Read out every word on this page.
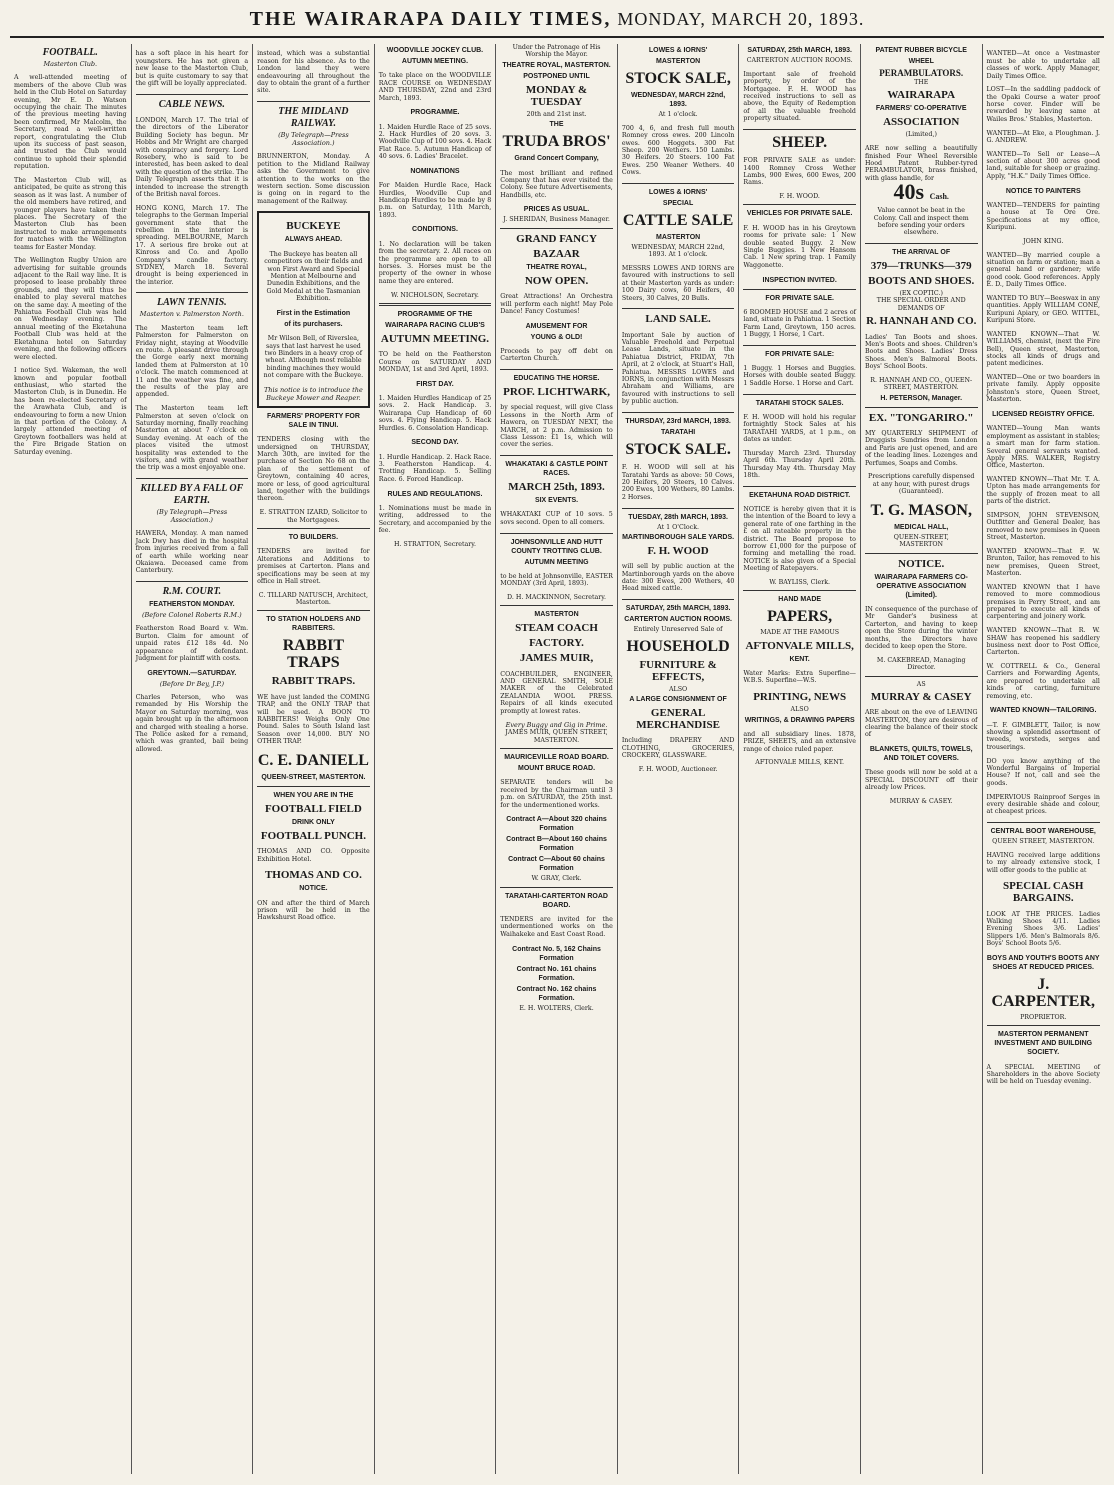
THE WAIRARAPA DAILY TIMES, MONDAY, MARCH 20, 1893.
FOOTBALL.
Masterton Club.

A well-attended meeting of members of the above Club was held in the Club Hotel on Saturday evening, Mr E. D. Watson occupying the chair. The minutes of the previous meeting having been confirmed, Mr Malcolm, the Secretary, read a well-written report, congratulating the Club upon its success of past season, and trusted the Club would continue to uphold their splendid reputation.

The Masterton Club will, as anticipated, be quite as strong this season as it was last. A number of the old members have retired, and younger players have taken their places. The Secretary of the Masterton Club has been instructed to make arrangements for matches with the Wellington teams for Easter Monday.

The Wellington Rugby Union are advertising for suitable grounds adjacent to the Rail way line. It is proposed to lease probably three grounds, and they will thus be enabled to play several matches on the same day. A meeting of the Pahiatua Football Club was held on Wednesday evening. The annual meeting of the Eketahuna Football Club was held at the Eketahuna hotel on Saturday evening, and the following officers were elected.

I notice Syd. Wakeman, the well known and popular football enthusiast, who started the Masterton Club, is in Dunedin. He has been re-elected Secretary of the Arawhata Club, and is endeavouring to form a new Union in that portion of the Colony. A largely attended meeting of Greytown footballers was held at the Fire Brigade Station on Saturday evening.

has a soft place in his heart for youngsters. He has not given a new lease to the Masterton Club, but is quite customary to say that the gift will be loyally appreciated.

CABLE NEWS.

LONDON, March 17. The trial of the directors of the Liberator Building Society has begun. Mr Hobbs and Mr Wright are charged with conspiracy and forgery. Lord Rosebery, who is said to be interested, has been asked to deal with the question of the strike. The Daily Telegraph asserts that it is intended to increase the strength of the British naval forces.

HONG KONG, March 17. The telegraphs to the German Imperial government state that the rebellion in the interior is spreading. MELBOURNE, March 17. A serious fire broke out at Kinross and Co. and Apollo Company's candle factory. SYDNEY, March 18. Several drought is being experienced in the interior.

LAWN TENNIS.
Masterton v. Palmerston North.

The Masterton team left Palmerston for Palmerston on Friday night, staying at Woodville en route. A pleasant drive through the Gorge early next morning landed them at Palmerston at 10 o'clock. The match commenced at 11 and the weather was fine, and the results of the play are appended.

The Masterton team left Palmerston at seven o'clock on Saturday morning, finally reaching Masterton at about 7 o'clock on Sunday evening. At each of the places visited the utmost hospitality was extended to the visitors, and with grand weather the trip was a most enjoyable one.

KILLED BY A FALL OF EARTH.
(By Telegraph—Press Association.)

HAWERA, Monday. A man named Jack Dwy has died in the hospital from injuries received from a fall of earth while working near Okaiawa. Deceased came from Canterbury.

R.M. COURT.
FEATHERSTON MONDAY.
(Before Colonel Roberts R.M.)

Featherston Road Board v. Wm. Burton. Claim for amount of unpaid rates £12 18s 4d. No appearance of defendant. Judgment for plaintiff with costs.

GREYTOWN.—SATURDAY.
(Before Dr Bey, J.P.)

Charles Peterson, who was remanded by His Worship the Mayor on Saturday morning, was again brought up in the afternoon and charged with stealing a horse. The Police asked for a remand, which was granted, bail being allowed.

instead, which was a substantial reason for his absence. As to the London land they were endeavouring all throughout the day to obtain the grant of a further site.

THE MIDLAND RAILWAY.
(By Telegraph—Press Association.)

BRUNNERTON, Monday. A petition to the Midland Railway asks the Government to give attention to the works on the western section. Some discussion is going on in regard to the management of the Railway.

BUCKEYE
ALWAYS AHEAD.

The Buckeye has beaten all competitors on their fields and won First Award and Special Mention at Melbourne and Dunedin Exhibitions, and the Gold Medal at the Tasmanian Exhibition.

First in the Estimation
of its purchasers.

Mr Wilson Bell, of Riverslea, says that last harvest he used two Binders in a heavy crop of wheat. Although most reliable binding machines they would not compare with the Buckeye.

This notice is to introduce the Buckeye Mower and Reaper.
FARMERS' PROPERTY FOR SALE IN TINUI.

TENDERS closing with the undersigned on THURSDAY, March 30th, are invited for the purchase of Section No 68 on the plan of the settlement of Greytown, containing 40 acres, more or less, of good agricultural land, together with the buildings thereon.

E. STRATTON IZARD, Solicitor to the Mortgagees.
TO BUILDERS.

TENDERS are invited for Alterations and Additions to premises at Carterton. Plans and specifications may be seen at my office in Hall street.

C. TILLARD NATUSCH, Architect, Masterton.
TO STATION HOLDERS AND RABBITERS.
RABBIT TRAPS
RABBIT TRAPS.

WE have just landed the COMING TRAP, and the ONLY TRAP that will be used. A BOON TO RABBITERS! Weighs Only One Pound. Sales to South Island last Season over 14,000. BUY NO OTHER TRAP.

C. E. DANIELL
QUEEN-STREET, MASTERTON.
WHEN YOU ARE IN THE
FOOTBALL FIELD
DRINK ONLY
FOOTBALL PUNCH.

THOMAS AND CO. Opposite Exhibition Hotel.

THOMAS AND CO.
NOTICE.

ON and after the third of March prison will be held in the Hawkshurst Road office.

WOODVILLE JOCKEY CLUB.
AUTUMN MEETING.

To take place on the WOODVILLE RACE COURSE on WEDNESDAY AND THURSDAY, 22nd and 23rd March, 1893.

PROGRAMME.

1. Maiden Hurdle Race of 25 sovs. 2. Hack Hurdles of 20 sovs. 3. Woodville Cup of 100 sovs. 4. Hack Flat Race. 5. Autumn Handicap of 40 sovs. 6. Ladies' Bracelet.

NOMINATIONS

For Maiden Hurdle Race, Hack Hurdles, Woodville Cup and Handicap Hurdles to be made by 8 p.m. on Saturday, 11th March, 1893.

CONDITIONS.

1. No declaration will be taken from the secretary. 2. All races on the programme are open to all horses. 3. Horses must be the property of the owner in whose name they are entered.

W. NICHOLSON, Secretary.
PROGRAMME OF THE
WAIRARAPA RACING CLUB'S
AUTUMN MEETING.

TO be held on the Featherston Course on SATURDAY AND MONDAY, 1st and 3rd April, 1893.

FIRST DAY.

1. Maiden Hurdles Handicap of 25 sovs. 2. Hack Handicap. 3. Wairarapa Cup Handicap of 60 sovs. 4. Flying Handicap. 5. Hack Hurdles. 6. Consolation Handicap.

SECOND DAY.

1. Hurdle Handicap. 2. Hack Race. 3. Featherston Handicap. 4. Trotting Handicap. 5. Selling Race. 6. Forced Handicap.

RULES AND REGULATIONS.

1. Nominations must be made in writing, addressed to the Secretary, and accompanied by the fee.

H. STRATTON, Secretary.
Under the Patronage of His Worship the Mayor.
THEATRE ROYAL, MASTERTON.
POSTPONED UNTIL
MONDAY & TUESDAY
20th and 21st inst.
THE
TRUDA BROS'
Grand Concert Company,

The most brilliant and refined Company that has ever visited the Colony. See future Advertisements, Handbills, etc.

PRICES AS USUAL.
J. SHERIDAN, Business Manager.
GRAND FANCY
BAZAAR
THEATRE ROYAL,
NOW OPEN.

Great Attractions! An Orchestra will perform each night! May Pole Dance! Fancy Costumes!

AMUSEMENT FOR
YOUNG & OLD!

Proceeds to pay off debt on Carterton Church.

EDUCATING THE HORSE.
PROF. LICHTWARK,

by special request, will give Class Lessons in the North Arm of Hawera, on TUESDAY NEXT, the MARCH, at 2 p.m. Admission to Class Lesson: £1 1s, which will cover the series.

WHAKATAKI & CASTLE POINT RACES.
MARCH 25th, 1893.
SIX EVENTS.

WHAKATAKI CUP of 10 sovs. 5 sovs second. Open to all comers.

JOHNSONVILLE AND HUTT COUNTY TROTTING CLUB.
AUTUMN MEETING

to be held at Johnsonville, EASTER MONDAY (3rd April, 1893).

D. H. MACKINNON, Secretary.
MASTERTON
STEAM COACH
FACTORY.
JAMES MUIR,

COACHBUILDER, ENGINEER, AND GENERAL SMITH, SOLE MAKER of the Celebrated ZEALANDIA WOOL PRESS. Repairs of all kinds executed promptly at lowest rates.

Every Buggy and Gig in Prime.
JAMES MUIR, QUEEN STREET, MASTERTON.
MAURICEVILLE ROAD BOARD.
MOUNT BRUCE ROAD.

SEPARATE tenders will be received by the Chairman until 3 p.m. on SATURDAY, the 25th inst. for the undermentioned works.

Contract A—About 320 chains Formation
Contract B—About 160 chains Formation
Contract C—About 60 chains Formation
W. GRAY, Clerk.
TARATAHI-CARTERTON ROAD BOARD.

TENDERS are invited for the undermentioned works on the Waihakeke and East Coast Road.

Contract No. 5, 162 Chains Formation
Contract No. 161 chains Formation.
Contract No. 162 chains Formation.
E. H. WOLTERS, Clerk.
LOWES & IORNS'
MASTERTON
STOCK SALE,
WEDNESDAY, MARCH 22nd, 1893.
At 1 o'clock.

700 4, 6, and fresh full mouth Romney cross ewes. 200 Lincoln ewes. 600 Hoggets. 300 Fat Sheep. 200 Wethers. 150 Lambs. 30 Heifers. 20 Steers. 100 Fat Ewes. 250 Weaner Wethers. 40 Cows.

LOWES & IORNS'
SPECIAL
CATTLE SALE
MASTERTON
WEDNESDAY, MARCH 22nd, 1893. At 1 o'clock.

MESSRS LOWES AND IORNS are favoured with instructions to sell at their Masterton yards as under: 100 Dairy cows, 60 Heifers, 40 Steers, 30 Calves, 20 Bulls.

LAND SALE.

Important Sale by auction of Valuable Freehold and Perpetual Lease Lands, situate in the Pahiatua District, FRIDAY, 7th April, at 2 o'clock, at Stuart's Hall, Pahiatua. MESSRS LOWES and IORNS, in conjunction with Messrs Abraham and Williams, are favoured with instructions to sell by public auction.

THURSDAY, 23rd MARCH, 1893.
TARATAHI
STOCK SALE.

F. H. WOOD will sell at his Taratahi Yards as above: 50 Cows, 20 Heifers, 20 Steers, 10 Calves. 200 Ewes, 100 Wethers, 80 Lambs. 2 Horses.

TUESDAY, 28th MARCH, 1893.
At 1 O'Clock.
MARTINBOROUGH SALE YARDS.
F. H. WOOD

will sell by public auction at the Martinborough yards on the above date: 300 Ewes, 200 Wethers, 40 Head mixed cattle.

SATURDAY, 25th MARCH, 1893.
CARTERTON AUCTION ROOMS.
Entirely Unreserved Sale of
HOUSEHOLD
FURNITURE & EFFECTS,
ALSO
A LARGE CONSIGNMENT OF
GENERAL MERCHANDISE

Including DRAPERY AND CLOTHING, GROCERIES, CROCKERY, GLASSWARE.

F. H. WOOD, Auctioneer.
SATURDAY, 25th MARCH, 1893.
CARTERTON AUCTION ROOMS.

Important sale of freehold property, by order of the Mortgagee. F. H. WOOD has received instructions to sell as above, the Equity of Redemption of all the valuable freehold property situated.

SHEEP.

FOR PRIVATE SALE as under: 1400 Romney Cross Wether Lambs, 900 Ewes, 600 Ewes, 200 Rams.

F. H. WOOD.
VEHICLES FOR PRIVATE SALE.

F. H. WOOD has in his Greytown rooms for private sale: 1 New double seated Buggy. 2 New Single Buggies. 1 New Hansom Cab. 1 New spring trap. 1 Family Waggonette.

INSPECTION INVITED.
FOR PRIVATE SALE.

6 ROOMED HOUSE and 2 acres of land, situate in Pahiatua. 1 Section Farm Land, Greytown, 150 acres. 1 Buggy, 1 Horse, 1 Cart.

FOR PRIVATE SALE:

1 Buggy. 1 Horses and Buggies. Horses with double seated Buggy. 1 Saddle Horse. 1 Horse and Cart.

TARATAHI STOCK SALES.

F. H. WOOD will hold his regular fortnightly Stock Sales at his TARATAHI YARDS, at 1 p.m., on dates as under.

Thursday March 23rd. Thursday April 6th. Thursday April 20th. Thursday May 4th. Thursday May 18th.

EKETAHUNA ROAD DISTRICT.

NOTICE is hereby given that it is the intention of the Board to levy a general rate of one farthing in the £ on all rateable property in the district. The Board propose to borrow £1,000 for the purpose of forming and metalling the road. NOTICE is also given of a Special Meeting of Ratepayers.

W. BAYLISS, Clerk.
HAND MADE
PAPERS,
MADE AT THE FAMOUS
AFTONVALE MILLS,
KENT.

Water Marks: Extra Superfine—W.B.S. Superfine—W.S.

PRINTING, NEWS
ALSO
WRITINGS, & DRAWING PAPERS

and all subsidiary lines. 1878, PRIZE, SHEETS, and an extensive range of choice ruled paper.

AFTONVALE MILLS, KENT.
PATENT RUBBER BICYCLE
WHEEL
PERAMBULATORS.
THE
WAIRARAPA
FARMERS' CO-OPERATIVE
ASSOCIATION
(Limited,)

ARE now selling a beautifully finished Four Wheel Reversible Hood Patent Rubber-tyred PERAMBULATOR, brass finished, with glass handle, for

40s Cash.

Value cannot be beat in the Colony. Call and inspect them before sending your orders elsewhere.

THE ARRIVAL OF
379—TRUNKS—379
BOOTS AND SHOES.
(EX COPTIC.)
THE SPECIAL ORDER AND DEMANDS OF
R. HANNAH AND CO.

Ladies' Tan Boots and shoes. Men's Boots and shoes. Children's Boots and Shoes. Ladies' Dress Shoes. Men's Balmoral Boots. Boys' School Boots.

R. HANNAH AND CO., QUEEN-STREET, MASTERTON.
H. PETERSON, Manager.
EX. "TONGARIRO."

MY QUARTERLY SHIPMENT of Druggists Sundries from London and Paris are just opened, and are of the leading lines. Lozenges and Perfumes, Soaps and Combs.

Prescriptions carefully dispensed at any hour, with purest drugs (Guaranteed).

T. G. MASON,
MEDICAL HALL,
QUEEN-STREET,
MASTERTON
NOTICE.
WAIRARAPA FARMERS CO-OPERATIVE ASSOCIATION (Limited).

IN consequence of the purchase of Mr Gander's business at Carterton, and having to keep open the Store during the winter months, the Directors have decided to keep open the Store.

M. CAKEBREAD, Managing Director.
AS
MURRAY & CASEY

ARE about on the eve of LEAVING MASTERTON, they are desirous of clearing the balance of their stock of

BLANKETS, QUILTS, TOWELS, AND TOILET COVERS.

These goods will now be sold at a SPECIAL DISCOUNT off their already low Prices.

MURRAY & CASEY.

WANTED—At once a Vestmaster must be able to undertake all classes of work. Apply Manager, Daily Times Office.

LOST—In the saddling paddock of the Opaki Course a water proof horse cover. Finder will be rewarded by leaving same at Wailes Bros.' Stables, Masterton.

WANTED—At Eke, a Ploughman. J. G. ANDREW.

WANTED—To Sell or Lease—A section of about 300 acres good land, suitable for sheep or grazing. Apply, "H.K." Daily Times Office.

NOTICE TO PAINTERS

WANTED—TENDERS for painting a house at Te Ore Ore. Specifications at my office, Kuripuni.

JOHN KING.

WANTED—By married couple a situation on farm or station; man a general hand or gardener; wife good cook. Good references. Apply E. D., Daily Times Office.

WANTED TO BUY—Beeswax in any quantities. Apply WILLIAM CONE, Kuripuni Apiary, or GEO. WITTEL, Kuripuni Store.

WANTED KNOWN—That W. WILLIAMS, chemist, (next the Fire Bell), Queen street, Masterton, stocks all kinds of drugs and patent medicines.

WANTED—One or two boarders in private family. Apply opposite Johnston's store, Queen Street, Masterton.

LICENSED REGISTRY OFFICE.

WANTED—Young Man wants employment as assistant in stables; a smart man for farm station. Several general servants wanted. Apply MRS. WALKER, Registry Office, Masterton.

WANTED KNOWN—That Mr. T. A. Upton has made arrangements for the supply of frozen meat to all parts of the district.

SIMPSON, JOHN STEVENSON, Outfitter and General Dealer, has removed to new premises in Queen Street, Masterton.

WANTED KNOWN—That F. W. Brunton, Tailor, has removed to his new premises, Queen Street, Masterton.

WANTED KNOWN that I have removed to more commodious premises in Perry Street, and am prepared to execute all kinds of carpentering and joinery work.

WANTED KNOWN—That R. W. SHAW has reopened his saddlery business next door to Post Office, Carterton.

W. COTTRELL & Co., General Carriers and Forwarding Agents, are prepared to undertake all kinds of carting, furniture removing, etc.

WANTED KNOWN—TAILORING.

—T. F. GIMBLETT, Tailor, is now showing a splendid assortment of tweeds, worsteds, serges and trouserings.

DO you know anything of the Wonderful Bargains of Imperial House? If not, call and see the goods.

IMPERVIOUS Rainproof Serges in every desirable shade and colour, at cheapest prices.

CENTRAL BOOT WAREHOUSE,
QUEEN STREET, MASTERTON.

HAVING received large additions to my already extensive stock, I will offer goods to the public at

SPECIAL CASH BARGAINS.

LOOK AT THE PRICES. Ladies Walking Shoes 4/11. Ladies Evening Shoes 3/6. Ladies' Slippers 1/6. Men's Balmorals 8/6. Boys' School Boots 5/6.

BOYS AND YOUTH'S BOOTS ANY SHOES AT REDUCED PRICES.
J. CARPENTER,
PROPRIETOR.
MASTERTON PERMANENT INVESTMENT AND BUILDING SOCIETY.

A SPECIAL MEETING of Shareholders in the above Society will be held on Tuesday evening.
